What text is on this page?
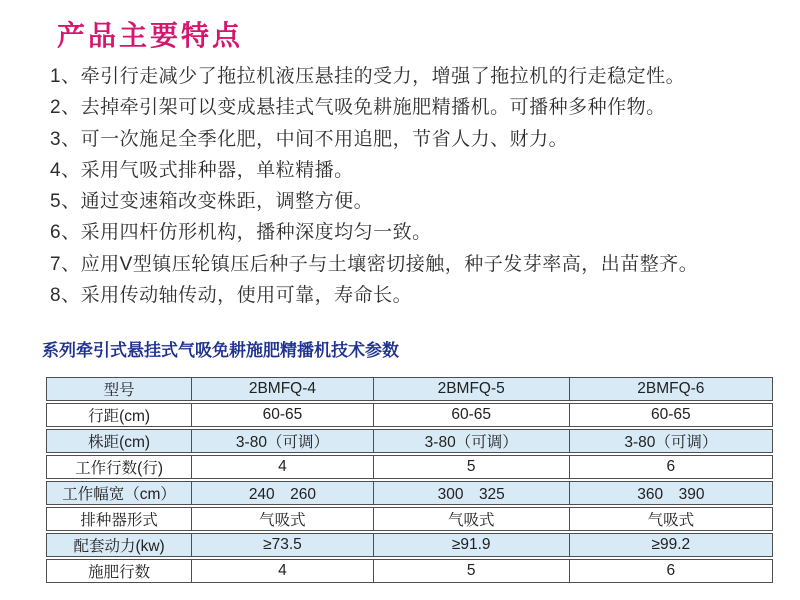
产品主要特点
1、牵引行走减少了拖拉机液压悬挂的受力，增强了拖拉机的行走稳定性。
2、去掉牵引架可以变成悬挂式气吸免耕施肥精播机。可播种多种作物。
3、可一次施足全季化肥，中间不用追肥，节省人力、财力。
4、采用气吸式排种器，单粒精播。
5、通过变速箱改变株距，调整方便。
6、采用四杆仿形机构，播种深度均匀一致。
7、应用V型镇压轮镇压后种子与土壤密切接触，种子发芽率高，出苗整齐。
8、采用传动轴传动，使用可靠，寿命长。
系列牵引式悬挂式气吸免耕施肥精播机技术参数
型号	2BMFQ-4	2BMFQ-5	2BMFQ-6
行距(cm)	60-65	60-65	60-65
株距(cm)	3-80（可调）	3-80（可调）	3-80（可调）
工作行数(行)	4	5	6
工作幅宽（cm）	240　260	300　325	360　390
排种器形式	气吸式	气吸式	气吸式
配套动力(kw)	≥73.5	≥91.9	≥99.2
施肥行数	4	5	6
